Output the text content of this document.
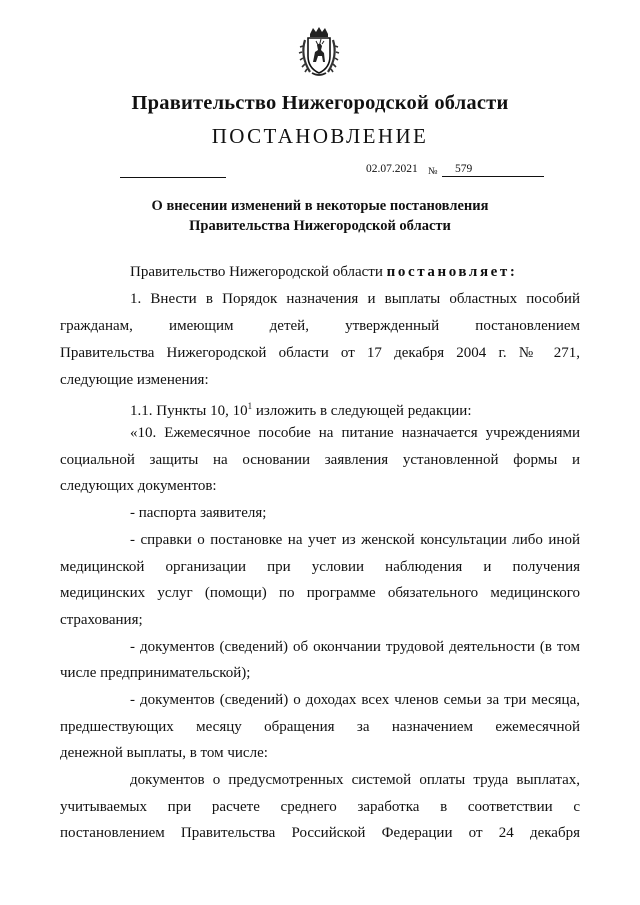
Правительство Нижегородской области
ПОСТАНОВЛЕНИЕ
02.07.2021 № 579
О внесении изменений в некоторые постановления
Правительства Нижегородской области
Правительство Нижегородской области постановляет:
1. Внести в Порядок назначения и выплаты областных пособий
гражданам, имеющим детей, утвержденный постановлением
Правительства Нижегородской области от 17 декабря 2004 г. № 271,
следующие изменения:
1.1. Пункты 10, $10^1$ изложить в следующей редакции:
«10. Ежемесячное пособие на питание назначается учреждениями
социальной защиты на основании заявления установленной формы и
следующих документов:
- паспорта заявителя;
- справки о постановке на учет из женской консультации либо иной
медицинской организации при условии наблюдения и получения
медицинских услуг (помощи) по программе обязательного медицинского
страхования;
- документов (сведений) об окончании трудовой деятельности (в том
числе предпринимательской);
- документов (сведений) о доходах всех членов семьи за три месяца,
предшествующих месяцу обращения за назначением ежемесячной
денежной выплаты, в том числе:
документов о предусмотренных системой оплаты труда выплатах,
учитываемых при расчете среднего заработка в соответствии с
постановлением Правительства Российской Федерации от 24 декабря
